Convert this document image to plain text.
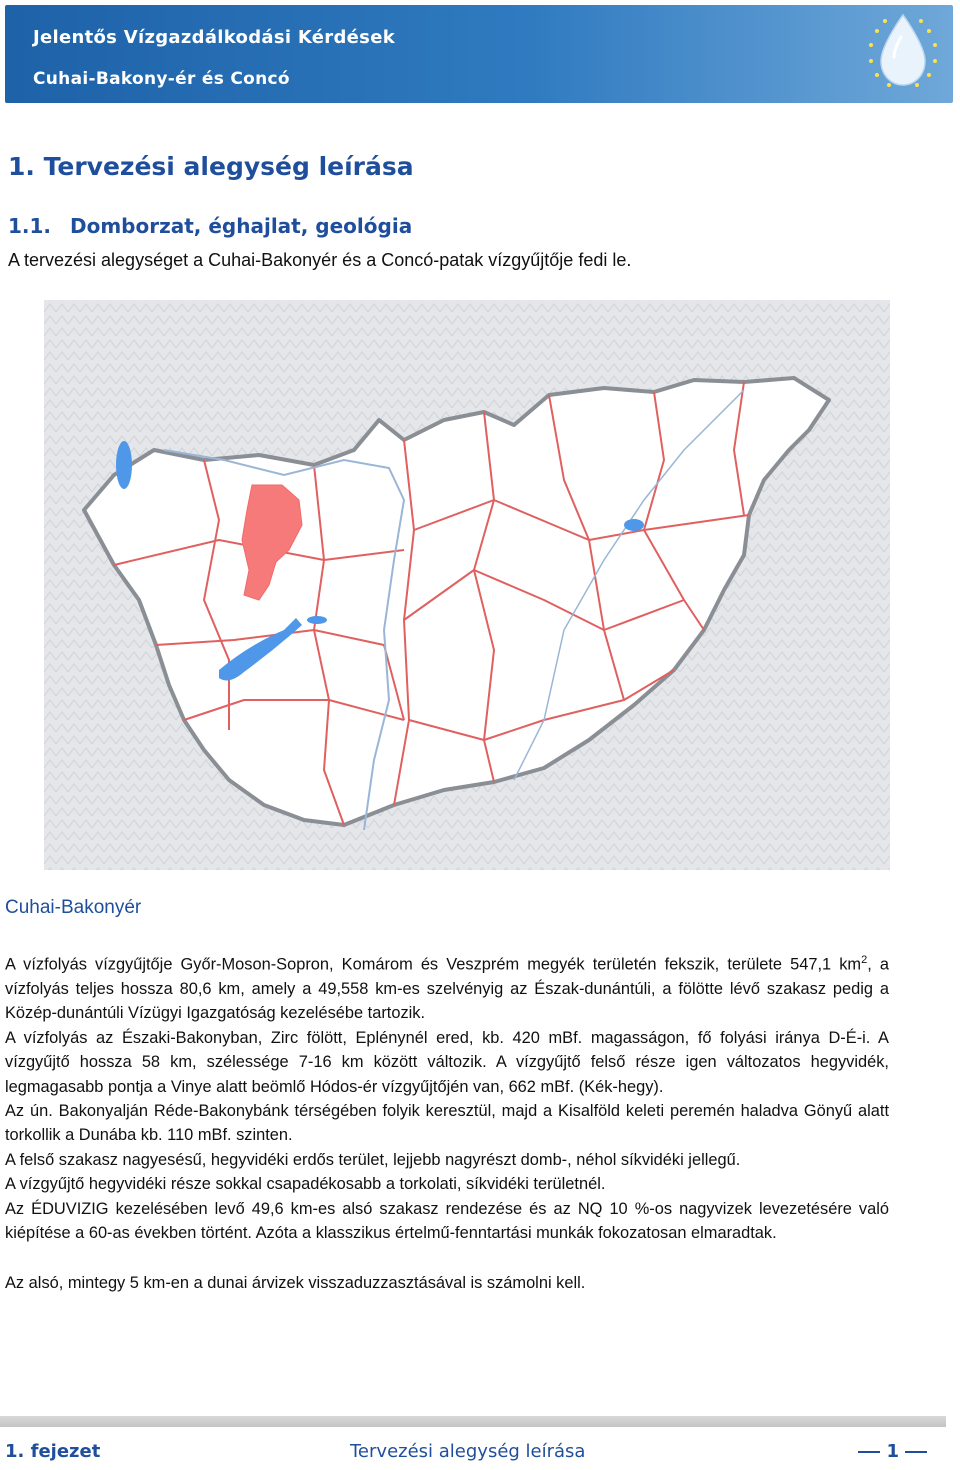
Jelentős Vízgazdálkodási Kérdések
Cuhai-Bakony-ér és Concó
1. Tervezési alegység leírása
1.1. Domborzat, éghajlat, geológia
A tervezési alegységet a Cuhai-Bakonyér és a Concó-patak vízgyűjtője fedi le.
Cuhai-Bakonyér

A vízfolyás vízgyűjtője Győr-Moson-Sopron, Komárom és Veszprém megyék területén fekszik, területe 547,1 $km^2$, a vízfolyás teljes hossza 80,6 km, amely a 49,558 km-es szelvényig az Észak-dunántúli, a fölötte lévő szakasz pedig a Közép-dunántúli Vízügyi Igazgatóság kezelésébe tartozik.

A vízfolyás az Északi-Bakonyban, Zirc fölött, Eplénynél ered, kb. 420 mBf. magasságon, fő folyási iránya D-É-i. A vízgyűjtő hossza 58 km, szélessége 7-16 km között változik. A vízgyűjtő felső része igen változatos hegyvidék, legmagasabb pontja a Vinye alatt beömlő Hódos-ér vízgyűjtőjén van, 662 mBf. (Kék-hegy).

Az ún. Bakonyalján Réde-Bakonybánk térségében folyik keresztül, majd a Kisalföld keleti peremén haladva Gönyű alatt torkollik a Dunába kb. 110 mBf. szinten.

A felső szakasz nagyesésű, hegyvidéki erdős terület, lejjebb nagyrészt domb-, néhol síkvidéki jellegű.

A vízgyűjtő hegyvidéki része sokkal csapadékosabb a torkolati, síkvidéki területnél.

Az ÉDUVIZIG kezelésében levő 49,6 km-es alsó szakasz rendezése és az NQ 10 %-os nagyvizek levezetésére való kiépítése a 60-as években történt. Azóta a klasszikus értelmű-fenntartási munkák fokozatosan elmaradtak.

Az alsó, mintegy 5 km-en a dunai árvizek visszaduzzasztásával is számolni kell.

1. fejezet	Tervezési alegység leírása	1
